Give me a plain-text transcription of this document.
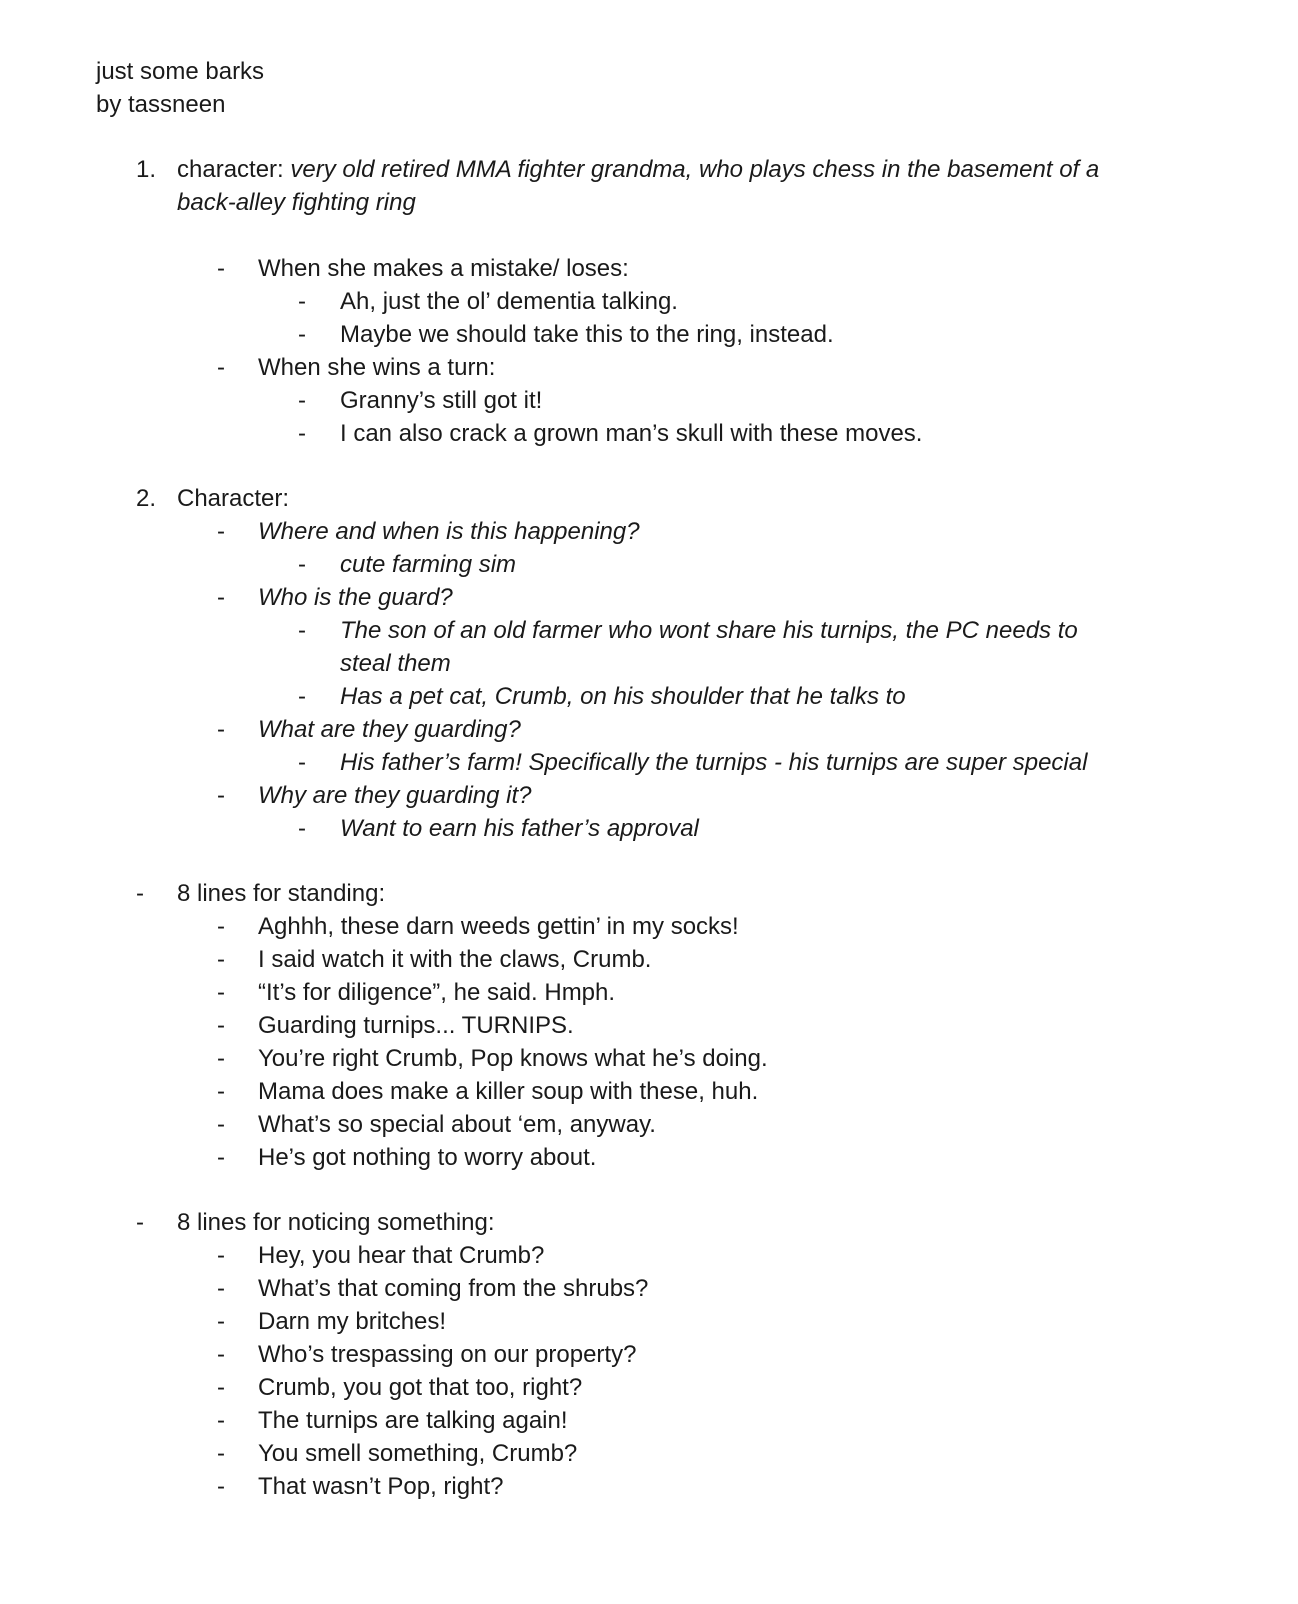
just some barks
by tassneen
1. character: very old retired MMA fighter grandma, who plays chess in the basement of a
back-alley fighting ring
- When she makes a mistake/ loses:
- Ah, just the ol’ dementia talking.
- Maybe we should take this to the ring, instead.
- When she wins a turn:
- Granny’s still got it!
- I can also crack a grown man’s skull with these moves.
2. Character:
- Where and when is this happening?
- cute farming sim
- Who is the guard?
- The son of an old farmer who wont share his turnips, the PC needs to
steal them
- Has a pet cat, Crumb, on his shoulder that he talks to
- What are they guarding?
- His father’s farm! Specifically the turnips - his turnips are super special
- Why are they guarding it?
- Want to earn his father’s approval
- 8 lines for standing:
- Aghhh, these darn weeds gettin’ in my socks!
- I said watch it with the claws, Crumb.
- “It’s for diligence”, he said. Hmph.
- Guarding turnips... TURNIPS.
- You’re right Crumb, Pop knows what he’s doing.
- Mama does make a killer soup with these, huh.
- What’s so special about ‘em, anyway.
- He’s got nothing to worry about.
- 8 lines for noticing something:
- Hey, you hear that Crumb?
- What’s that coming from the shrubs?
- Darn my britches!
- Who’s trespassing on our property?
- Crumb, you got that too, right?
- The turnips are talking again!
- You smell something, Crumb?
- That wasn’t Pop, right?
